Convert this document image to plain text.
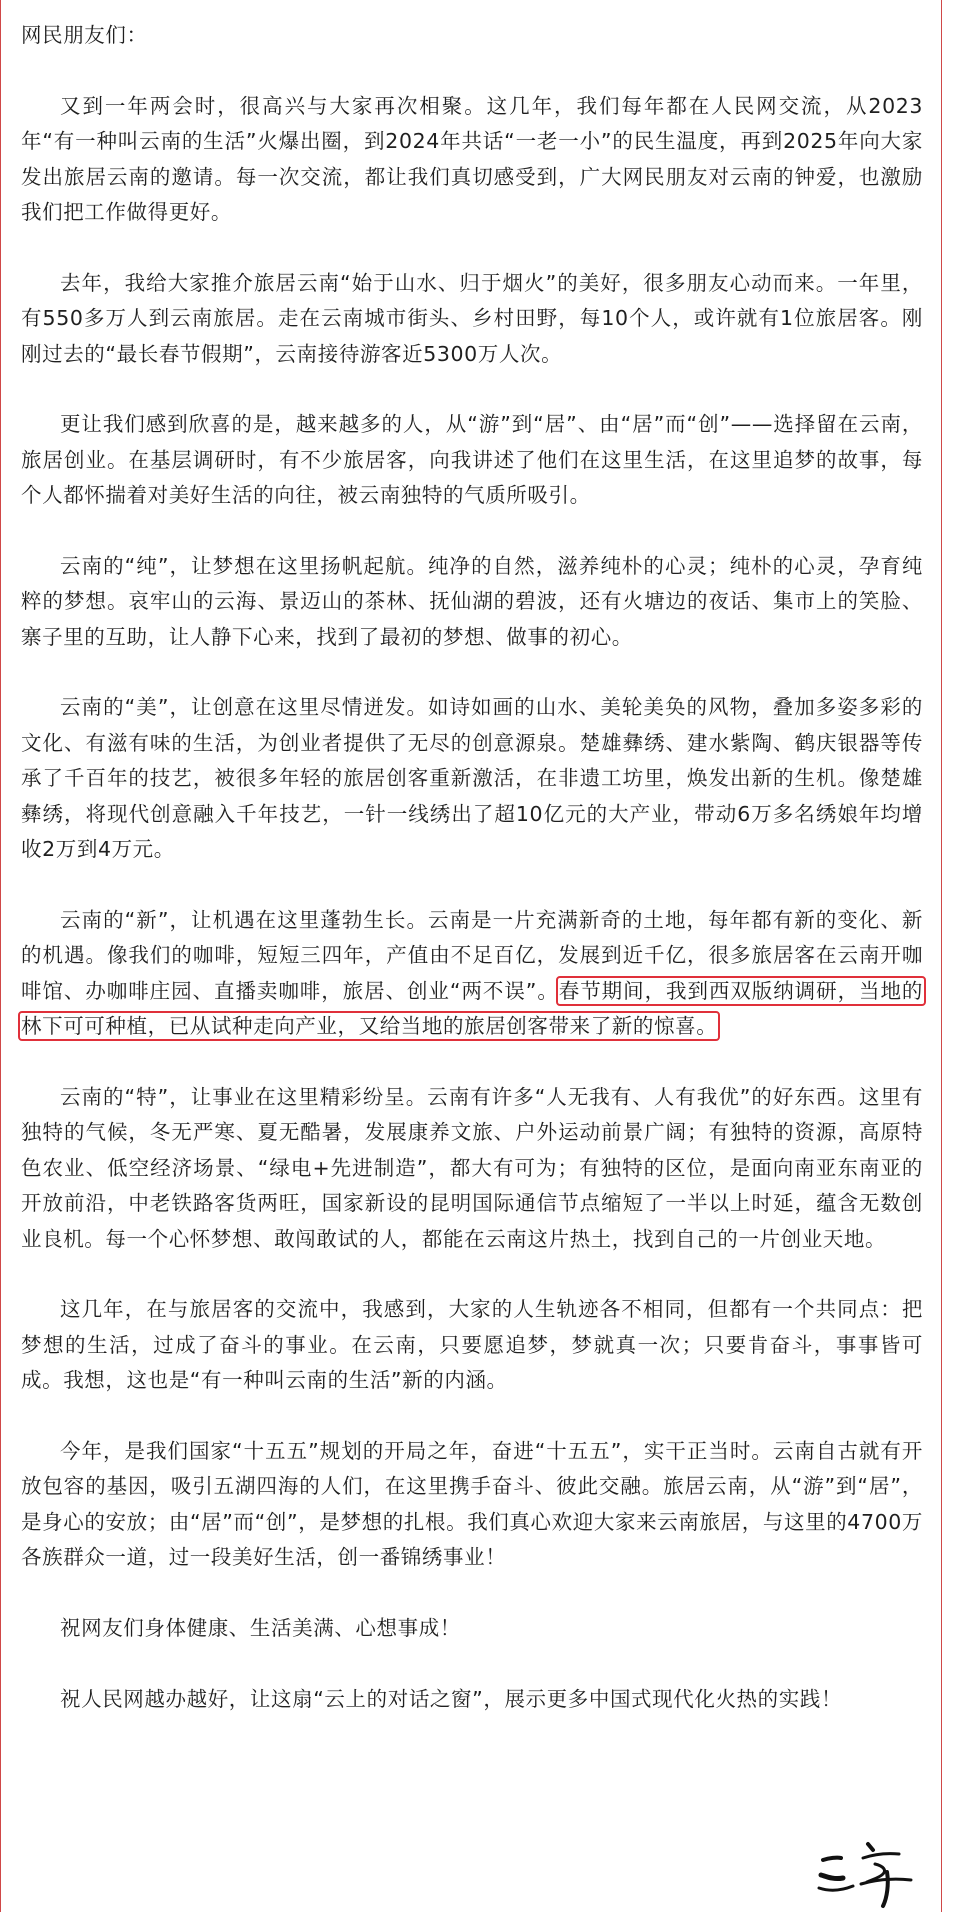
网民朋友们：

又到一年两会时，很高兴与大家再次相聚。这几年，我们每年都在人民网交流，从2023年“有一种叫云南的生活”火爆出圈，到2024年共话“一老一小”的民生温度，再到2025年向大家发出旅居云南的邀请。每一次交流，都让我们真切感受到，广大网民朋友对云南的钟爱，也激励我们把工作做得更好。

去年，我给大家推介旅居云南“始于山水、归于烟火”的美好，很多朋友心动而来。一年里，有550多万人到云南旅居。走在云南城市街头、乡村田野，每10个人，或许就有1位旅居客。刚刚过去的“最长春节假期”，云南接待游客近5300万人次。

更让我们感到欣喜的是，越来越多的人，从“游”到“居”、由“居”而“创”——选择留在云南，旅居创业。在基层调研时，有不少旅居客，向我讲述了他们在这里生活，在这里追梦的故事，每个人都怀揣着对美好生活的向往，被云南独特的气质所吸引。

云南的“纯”，让梦想在这里扬帆起航。纯净的自然，滋养纯朴的心灵；纯朴的心灵，孕育纯粹的梦想。哀牢山的云海、景迈山的茶林、抚仙湖的碧波，还有火塘边的夜话、集市上的笑脸、寨子里的互助，让人静下心来，找到了最初的梦想、做事的初心。

云南的“美”，让创意在这里尽情迸发。如诗如画的山水、美轮美奂的风物，叠加多姿多彩的文化、有滋有味的生活，为创业者提供了无尽的创意源泉。楚雄彝绣、建水紫陶、鹤庆银器等传承了千百年的技艺，被很多年轻的旅居创客重新激活，在非遗工坊里，焕发出新的生机。像楚雄彝绣，将现代创意融入千年技艺，一针一线绣出了超10亿元的大产业，带动6万多名绣娘年均增收2万到4万元。

云南的“新”，让机遇在这里蓬勃生长。云南是一片充满新奇的土地，每年都有新的变化、新的机遇。像我们的咖啡，短短三四年，产值由不足百亿，发展到近千亿，很多旅居客在云南开咖啡馆、办咖啡庄园、直播卖咖啡，旅居、创业“两不误”。春节期间，我到西双版纳调研，当地的林下可可种植，已从试种走向产业，又给当地的旅居创客带来了新的惊喜。

云南的“特”，让事业在这里精彩纷呈。云南有许多“人无我有、人有我优”的好东西。这里有独特的气候，冬无严寒、夏无酷暑，发展康养文旅、户外运动前景广阔；有独特的资源，高原特色农业、低空经济场景、“绿电+先进制造”，都大有可为；有独特的区位，是面向南亚东南亚的开放前沿，中老铁路客货两旺，国家新设的昆明国际通信节点缩短了一半以上时延，蕴含无数创业良机。每一个心怀梦想、敢闯敢试的人，都能在云南这片热土，找到自己的一片创业天地。

这几年，在与旅居客的交流中，我感到，大家的人生轨迹各不相同，但都有一个共同点：把梦想的生活，过成了奋斗的事业。在云南，只要愿追梦，梦就真一次；只要肯奋斗，事事皆可成。我想，这也是“有一种叫云南的生活”新的内涵。

今年，是我们国家“十五五”规划的开局之年，奋进“十五五”，实干正当时。云南自古就有开放包容的基因，吸引五湖四海的人们，在这里携手奋斗、彼此交融。旅居云南，从“游”到“居”，是身心的安放；由“居”而“创”，是梦想的扎根。我们真心欢迎大家来云南旅居，与这里的4700万各族群众一道，过一段美好生活，创一番锦绣事业！

祝网友们身体健康、生活美满、心想事成！

祝人民网越办越好，让这扇“云上的对话之窗”，展示更多中国式现代化火热的实践！
